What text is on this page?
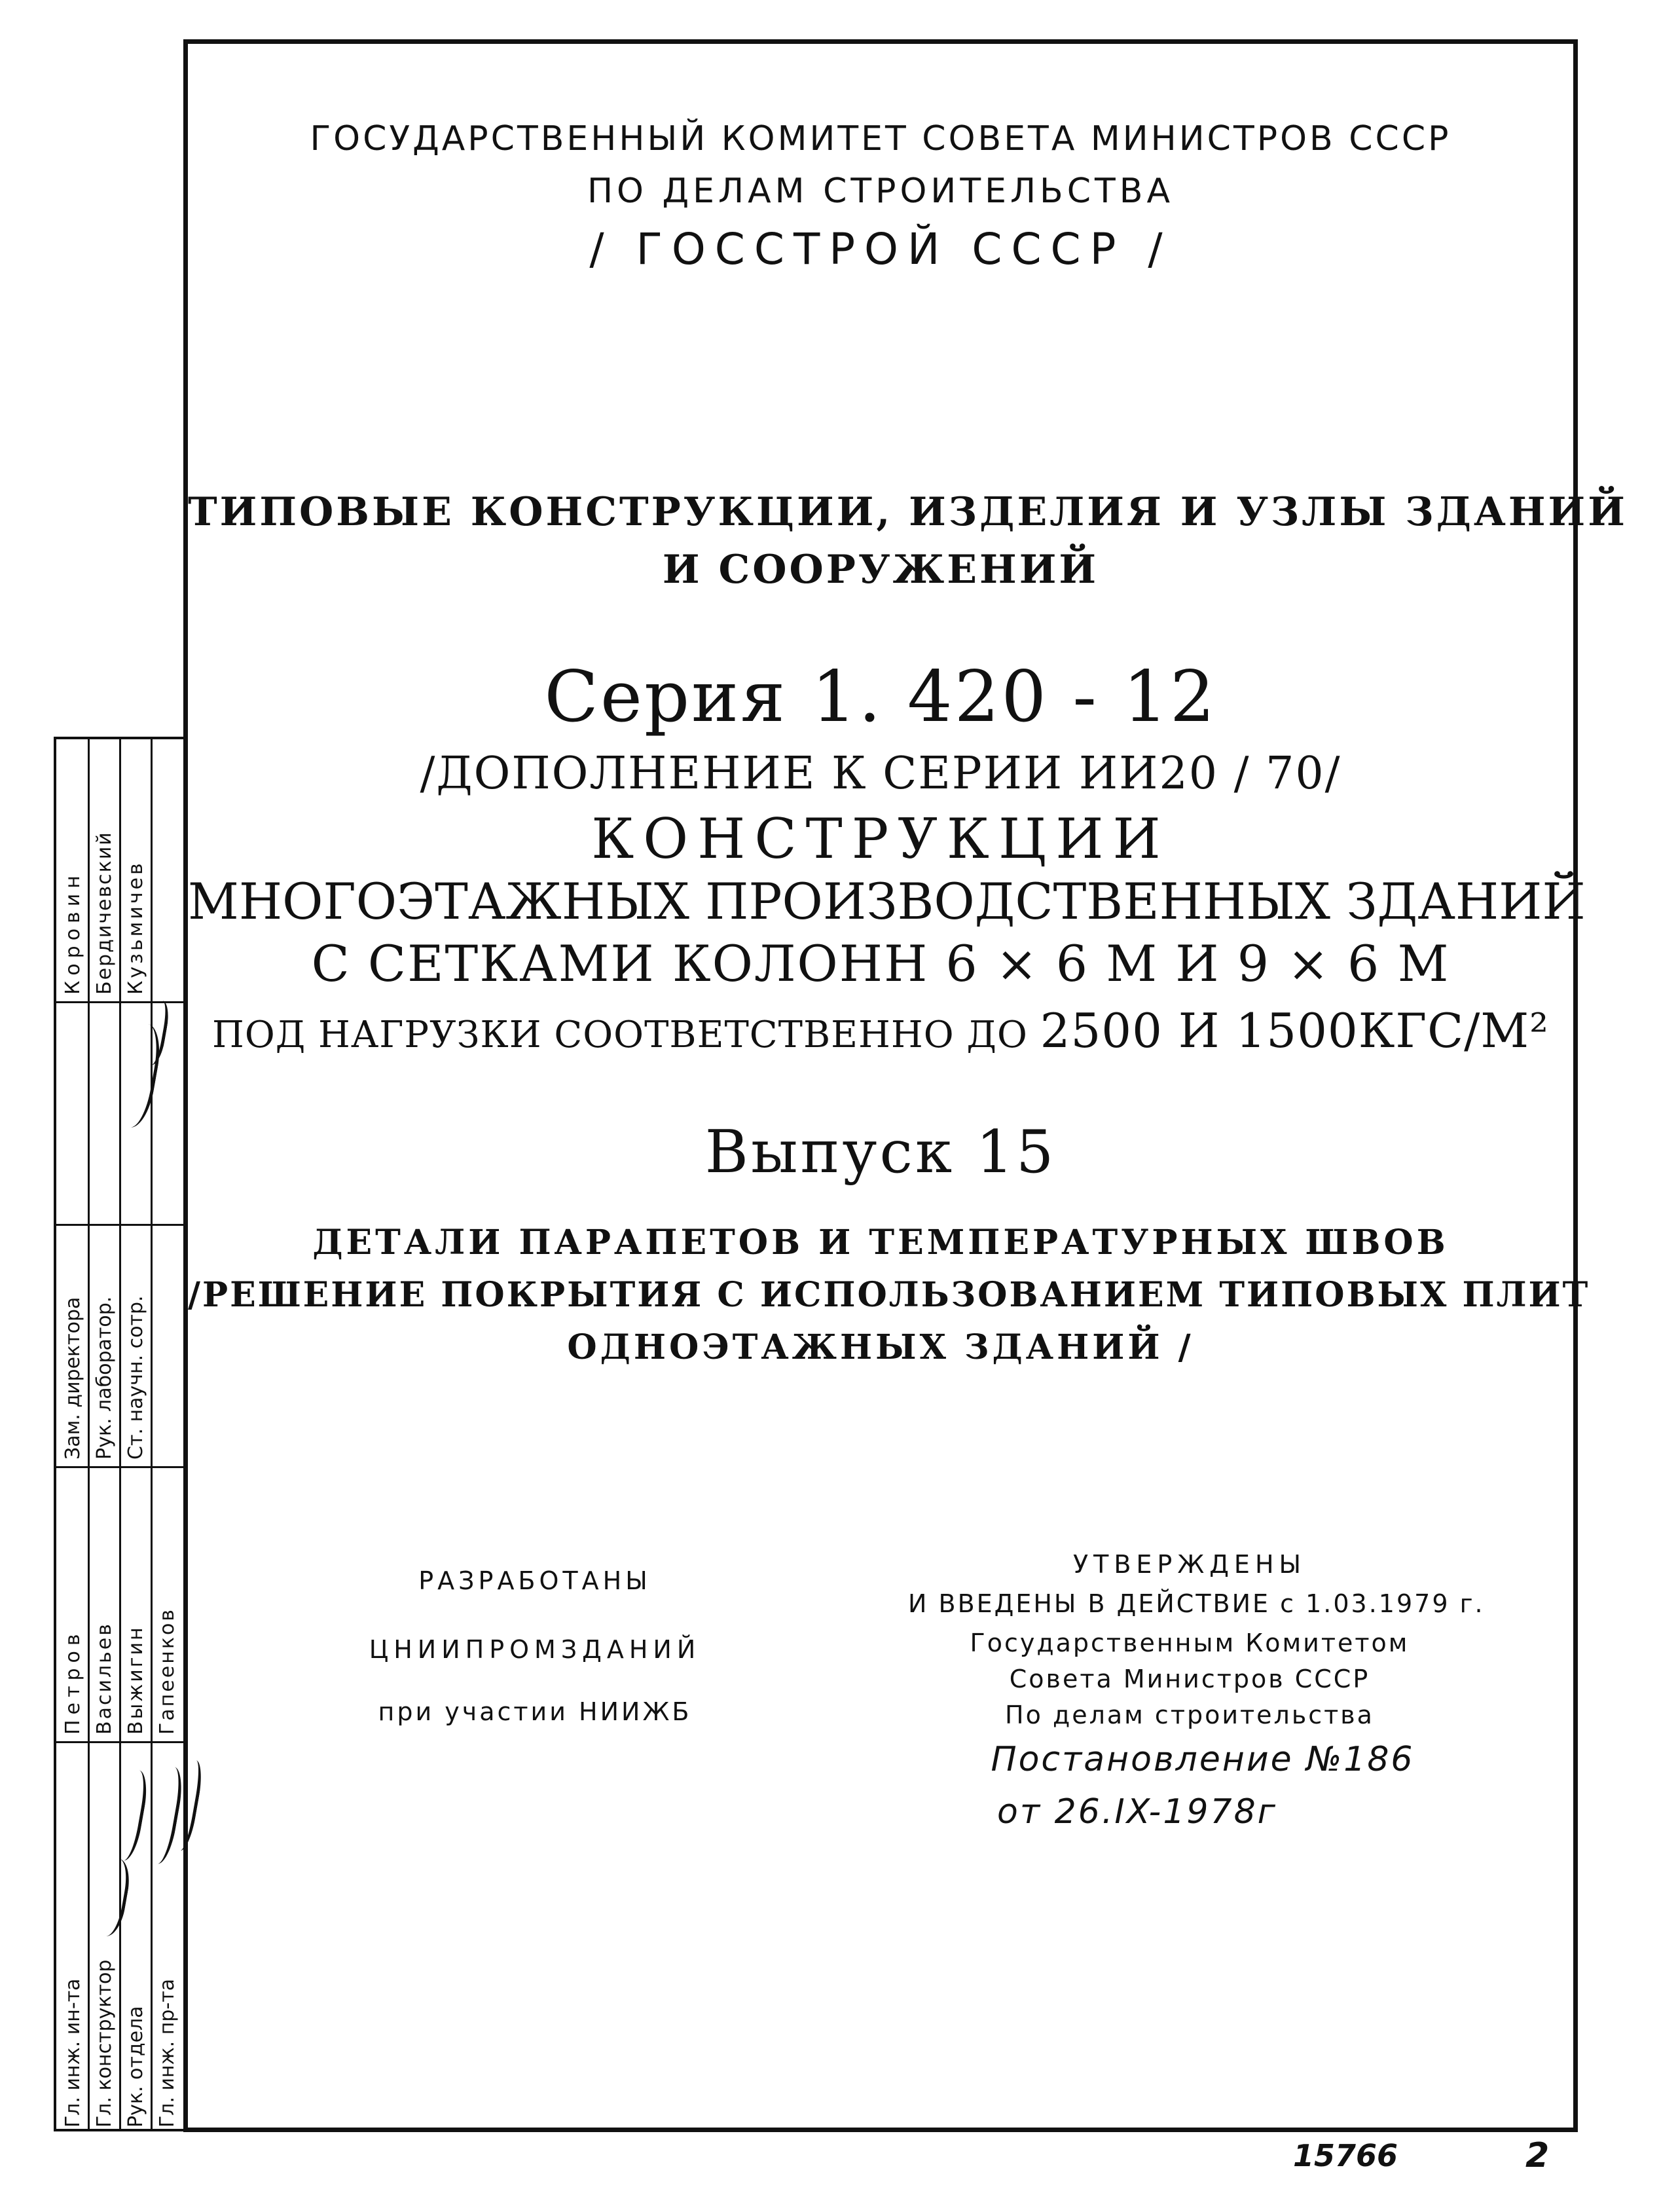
Гл. инж. ин-та Гл. конструктор Рук. отдела Гл. инж. пр-та
Петров Васильев Выжигин Гапеенков
Зам. директора Рук. лаборатор. Ст. научн. сотр.
Коровин Бердичевский Кузьмичев
ГОСУДАРСТВЕННЫЙ КОМИТЕТ СОВЕТА МИНИСТРОВ СССР
ПО ДЕЛАМ СТРОИТЕЛЬСТВА
/ ГОССТРОЙ СССР /
ТИПОВЫЕ КОНСТРУКЦИИ, ИЗДЕЛИЯ И УЗЛЫ ЗДАНИЙ
И СООРУЖЕНИЙ
Серия 1. 420 - 12
/ДОПОЛНЕНИЕ К СЕРИИ ИИ20 / 70/
КОНСТРУКЦИИ
МНОГОЭТАЖНЫХ ПРОИЗВОДСТВЕННЫХ ЗДАНИЙ
С СЕТКАМИ КОЛОНН 6 × 6 М И 9 × 6 М
ПОД НАГРУЗКИ СООТВЕТСТВЕННО ДО 2500 И 1500КГС/М²
Выпуск 15
ДЕТАЛИ ПАРАПЕТОВ И ТЕМПЕРАТУРНЫХ ШВОВ
/РЕШЕНИЕ ПОКРЫТИЯ С ИСПОЛЬЗОВАНИЕМ ТИПОВЫХ ПЛИТ
ОДНОЭТАЖНЫХ ЗДАНИЙ /
РАЗРАБОТАНЫ
ЦНИИПРОМЗДАНИЙ
при участии НИИЖБ
УТВЕРЖДЕНЫ
И ВВЕДЕНЫ В ДЕЙСТВИЕ с 1.03.1979 г.
Государственным Комитетом
Совета Министров СССР
По делам строительства
Постановление №186
от 26.IX-1978г
15766	2
